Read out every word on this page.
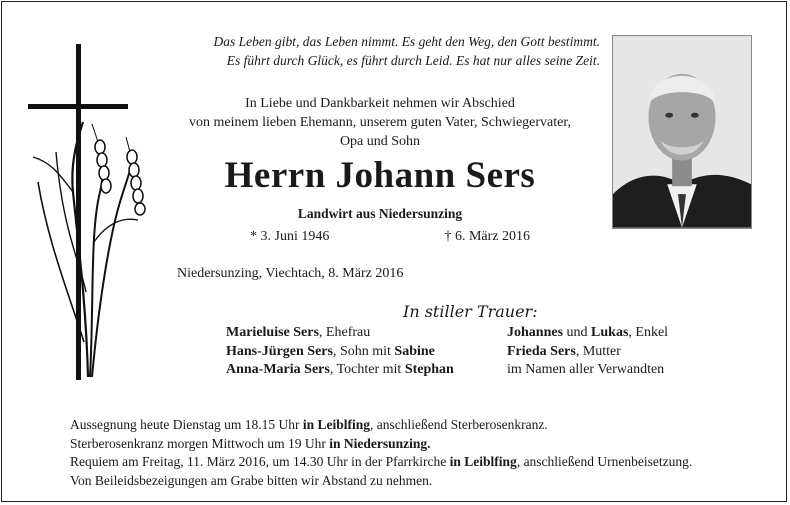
Das Leben gibt, das Leben nimmt. Es geht den Weg, den Gott bestimmt.
Es führt durch Glück, es führt durch Leid. Es hat nur alles seine Zeit.
In Liebe und Dankbarkeit nehmen wir Abschied
von meinem lieben Ehemann, unserem guten Vater, Schwiegervater,
Opa und Sohn
Herrn Johann Sers
Landwirt aus Niedersunzing
* 3. Juni 1946	† 6. März 2016
Niedersunzing, Viechtach, 8. März 2016
In stiller Trauer:
Marieluise Sers, Ehefrau
Hans-Jürgen Sers, Sohn mit Sabine
Anna-Maria Sers, Tochter mit Stephan
Johannes und Lukas, Enkel
Frieda Sers, Mutter
im Namen aller Verwandten
Aussegnung heute Dienstag um 18.15 Uhr in Leiblfing, anschließend Sterberosenkranz.
Sterberosenkranz morgen Mittwoch um 19 Uhr in Niedersunzing.
Requiem am Freitag, 11. März 2016, um 14.30 Uhr in der Pfarrkirche in Leiblfing, anschließend Urnenbeisetzung.
Von Beileidsbezeigungen am Grabe bitten wir Abstand zu nehmen.
